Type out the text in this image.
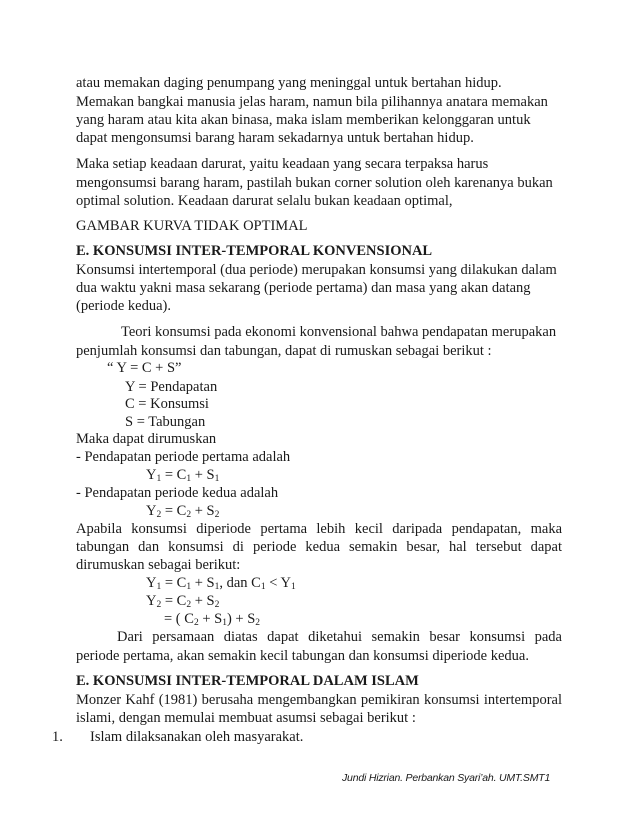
atau memakan daging penumpang yang meninggal untuk bertahan hidup.
Memakan bangkai manusia jelas haram, namun bila pilihannya anatara memakan
yang haram atau kita akan binasa, maka islam memberikan kelonggaran untuk
dapat mengonsumsi barang haram sekadarnya untuk bertahan hidup.
Maka setiap keadaan darurat, yaitu keadaan yang secara terpaksa harus
mengonsumsi barang haram, pastilah bukan corner solution oleh karenanya bukan
optimal solution. Keadaan darurat selalu bukan keadaan optimal,
GAMBAR KURVA TIDAK OPTIMAL
E. KONSUMSI INTER-TEMPORAL KONVENSIONAL
Konsumsi intertemporal (dua periode) merupakan konsumsi yang dilakukan dalam
dua waktu yakni masa sekarang (periode pertama) dan masa yang akan datang
(periode kedua).
Teori konsumsi pada ekonomi konvensional bahwa pendapatan merupakan
penjumlah konsumsi dan tabungan, dapat di rumuskan sebagai berikut :
“ Y = C + S”
Y = Pendapatan
C = Konsumsi
S = Tabungan
Maka dapat dirumuskan
- Pendapatan periode pertama adalah
$Y_1 = C_1 + S_1$
- Pendapatan periode kedua adalah
$Y_2 = C_2 + S_2$
Apabila konsumsi diperiode pertama lebih kecil daripada pendapatan, maka
tabungan dan konsumsi di periode kedua semakin besar, hal tersebut dapat
dirumuskan sebagai berikut:
$Y_1 = C_1 + S_1$, dan $C_1 < Y_1$
$Y_2 = C_2 + S_2$
= ( $C_2 + S_1) + S_2$
Dari persamaan diatas dapat diketahui semakin besar konsumsi pada
periode pertama, akan semakin kecil tabungan dan konsumsi diperiode kedua.
E. KONSUMSI INTER-TEMPORAL DALAM ISLAM
Monzer Kahf (1981) berusaha mengembangkan pemikiran konsumsi intertemporal
islami, dengan memulai membuat asumsi sebagai berikut :
1. Islam dilaksanakan oleh masyarakat.
Jundi Hizrian. Perbankan Syari’ah. UMT.SMT1
